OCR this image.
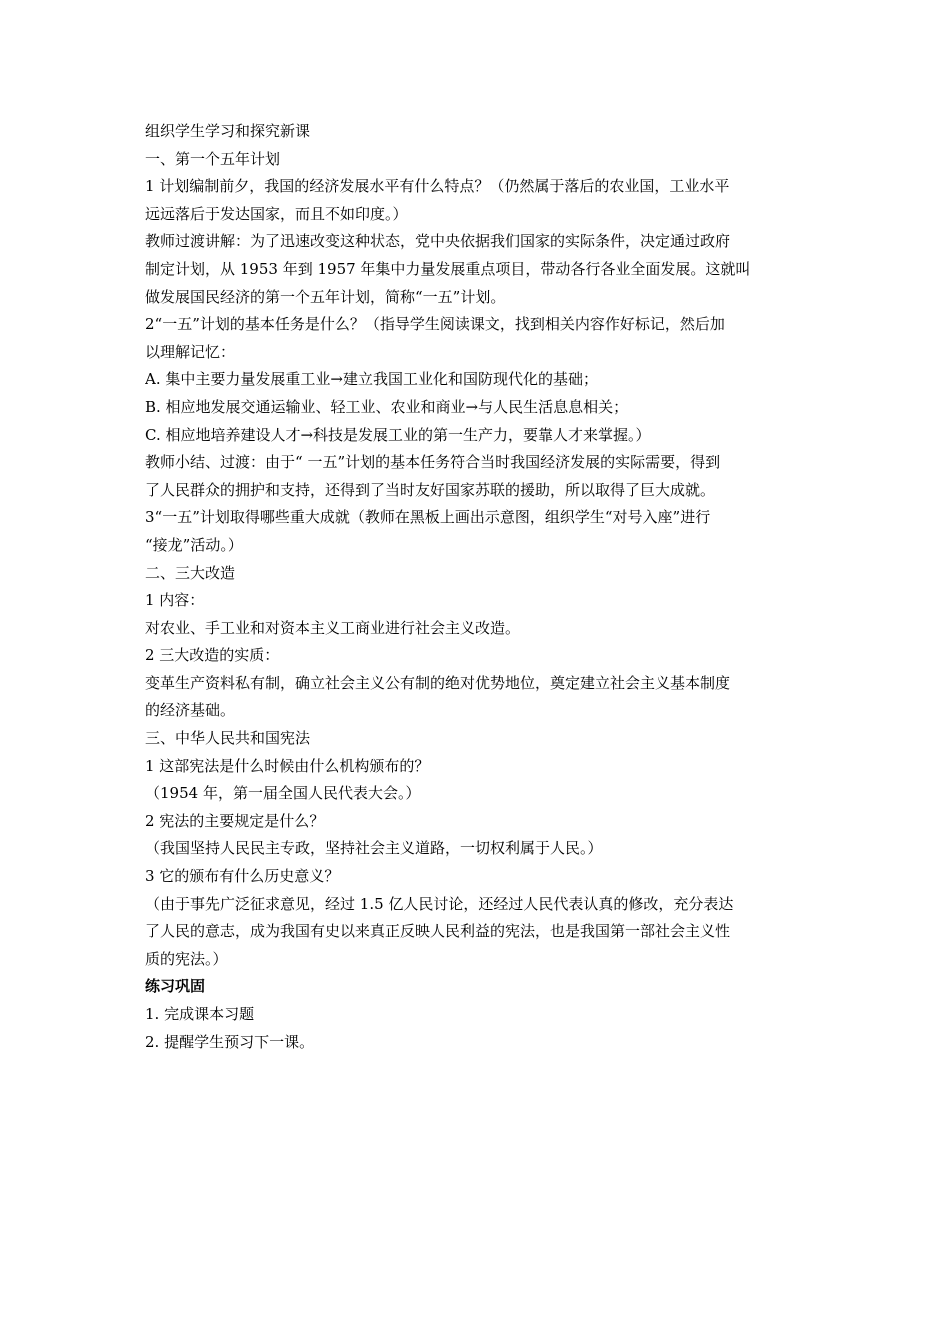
组织学生学习和探究新课
一、第一个五年计划
1 计划编制前夕，我国的经济发展水平有什么特点？（仍然属于落后的农业国，工业水平
远远落后于发达国家，而且不如印度。）
教师过渡讲解：为了迅速改变这种状态，党中央依据我们国家的实际条件，决定通过政府
制定计划，从 1953 年到 1957 年集中力量发展重点项目，带动各行各业全面发展。这就叫
做发展国民经济的第一个五年计划，简称“一五”计划。
2“一五”计划的基本任务是什么？（指导学生阅读课文，找到相关内容作好标记，然后加
以理解记忆：
A. 集中主要力量发展重工业→建立我国工业化和国防现代化的基础；
B. 相应地发展交通运输业、轻工业、农业和商业→与人民生活息息相关；
C. 相应地培养建设人才→科技是发展工业的第一生产力，要靠人才来掌握。）
教师小结、过渡：由于“ 一五”计划的基本任务符合当时我国经济发展的实际需要，得到
了人民群众的拥护和支持，还得到了当时友好国家苏联的援助，所以取得了巨大成就。
3“一五”计划取得哪些重大成就（教师在黑板上画出示意图，组织学生“对号入座”进行
“接龙”活动。）
二、三大改造
1 内容：
对农业、手工业和对资本主义工商业进行社会主义改造。
2 三大改造的实质：
变革生产资料私有制，确立社会主义公有制的绝对优势地位，奠定建立社会主义基本制度
的经济基础。
三、中华人民共和国宪法
1 这部宪法是什么时候由什么机构颁布的？
（1954 年，第一届全国人民代表大会。）
2 宪法的主要规定是什么？
（我国坚持人民民主专政，坚持社会主义道路，一切权利属于人民。）
3 它的颁布有什么历史意义？
（由于事先广泛征求意见，经过 1.5 亿人民讨论，还经过人民代表认真的修改，充分表达
了人民的意志，成为我国有史以来真正反映人民利益的宪法，也是我国第一部社会主义性
质的宪法。）
练习巩固
1. 完成课本习题
2. 提醒学生预习下一课。
